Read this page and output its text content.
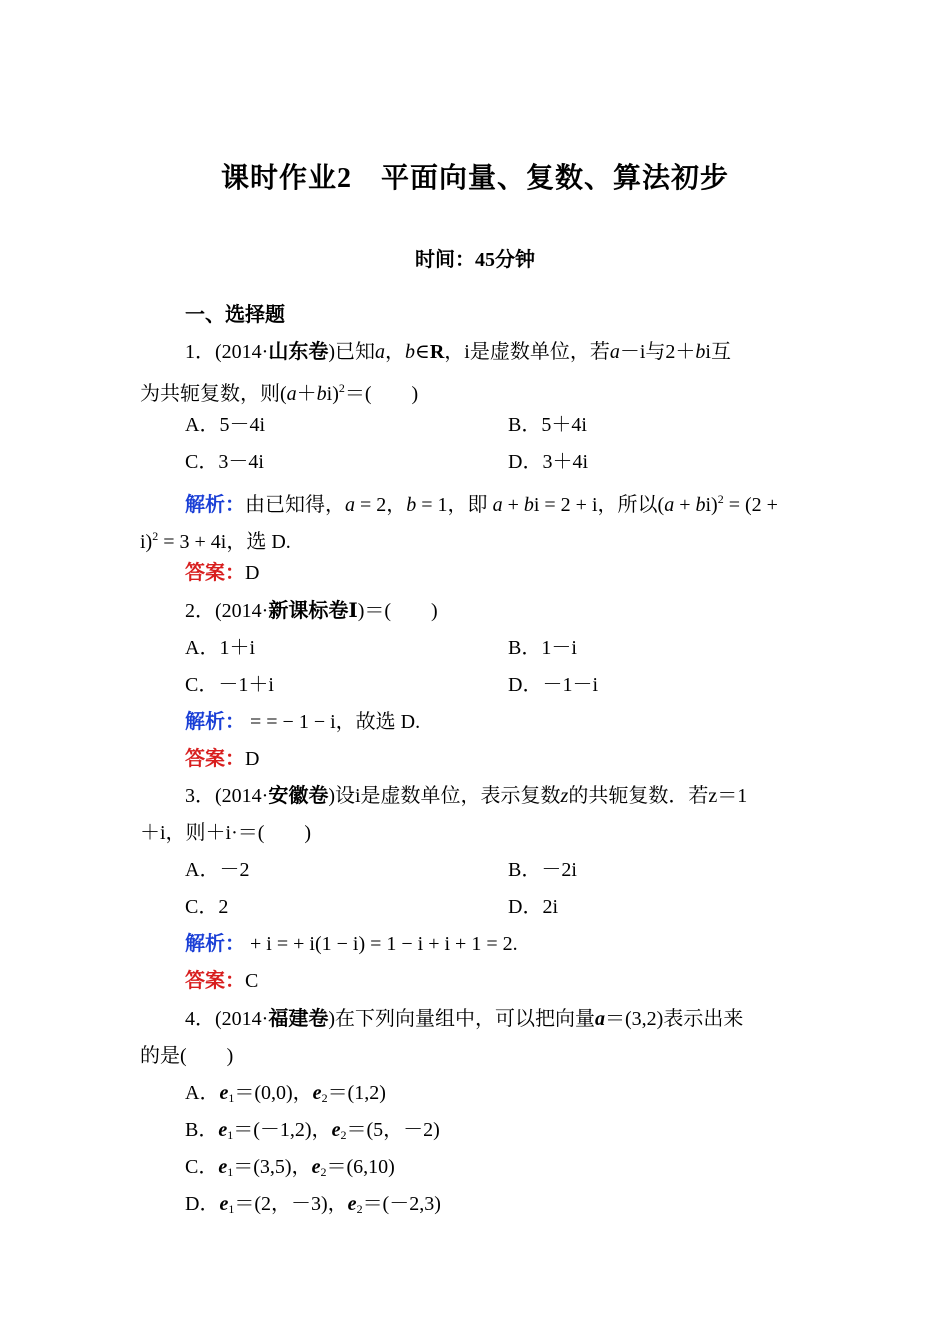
课时作业2　平面向量、复数、算法初步
时间：45分钟
一、选择题
1．(2014·山东卷)已知a，b∈R，i是虚数单位，若a－i与2＋bi互
为共轭复数，则$(a+bi)^2=$(　　)
A．5－4i	B．5＋4i
C．3－4i	D．3＋4i
解析：由已知得，a = 2，b = 1，即 a + bi = 2 + i，所以(a + bi)$^2$ = (2 +
i)$^2$ = 3 + 4i，选 D.
答案：D
2．(2014·新课标卷Ⅰ)＝(　　)
A．1＋i	B．1－i
C．－1＋i	D．－1－i
解析： = = − 1 − i，故选 D.
答案：D
3．(2014·安徽卷)设i是虚数单位，表示复数z的共轭复数．若z＝1
＋i，则＋i·＝(　　)
A．－2	B．－2i
C．2	D．2i
解析： + i = + i(1 − i) = 1 − i + i + 1 = 2.
答案：C
4．(2014·福建卷)在下列向量组中，可以把向量a＝(3,2)表示出来
的是(　　)
A．$e_1=(0,0)$，$e_2=(1,2)$
B．$e_1=(-1,2)$，$e_2=(5$，－2)
C．$e_1=(3,5)$，$e_2=(6,10)$
D．$e_1=(2$，－3)，$e_2=(-2,3)$
